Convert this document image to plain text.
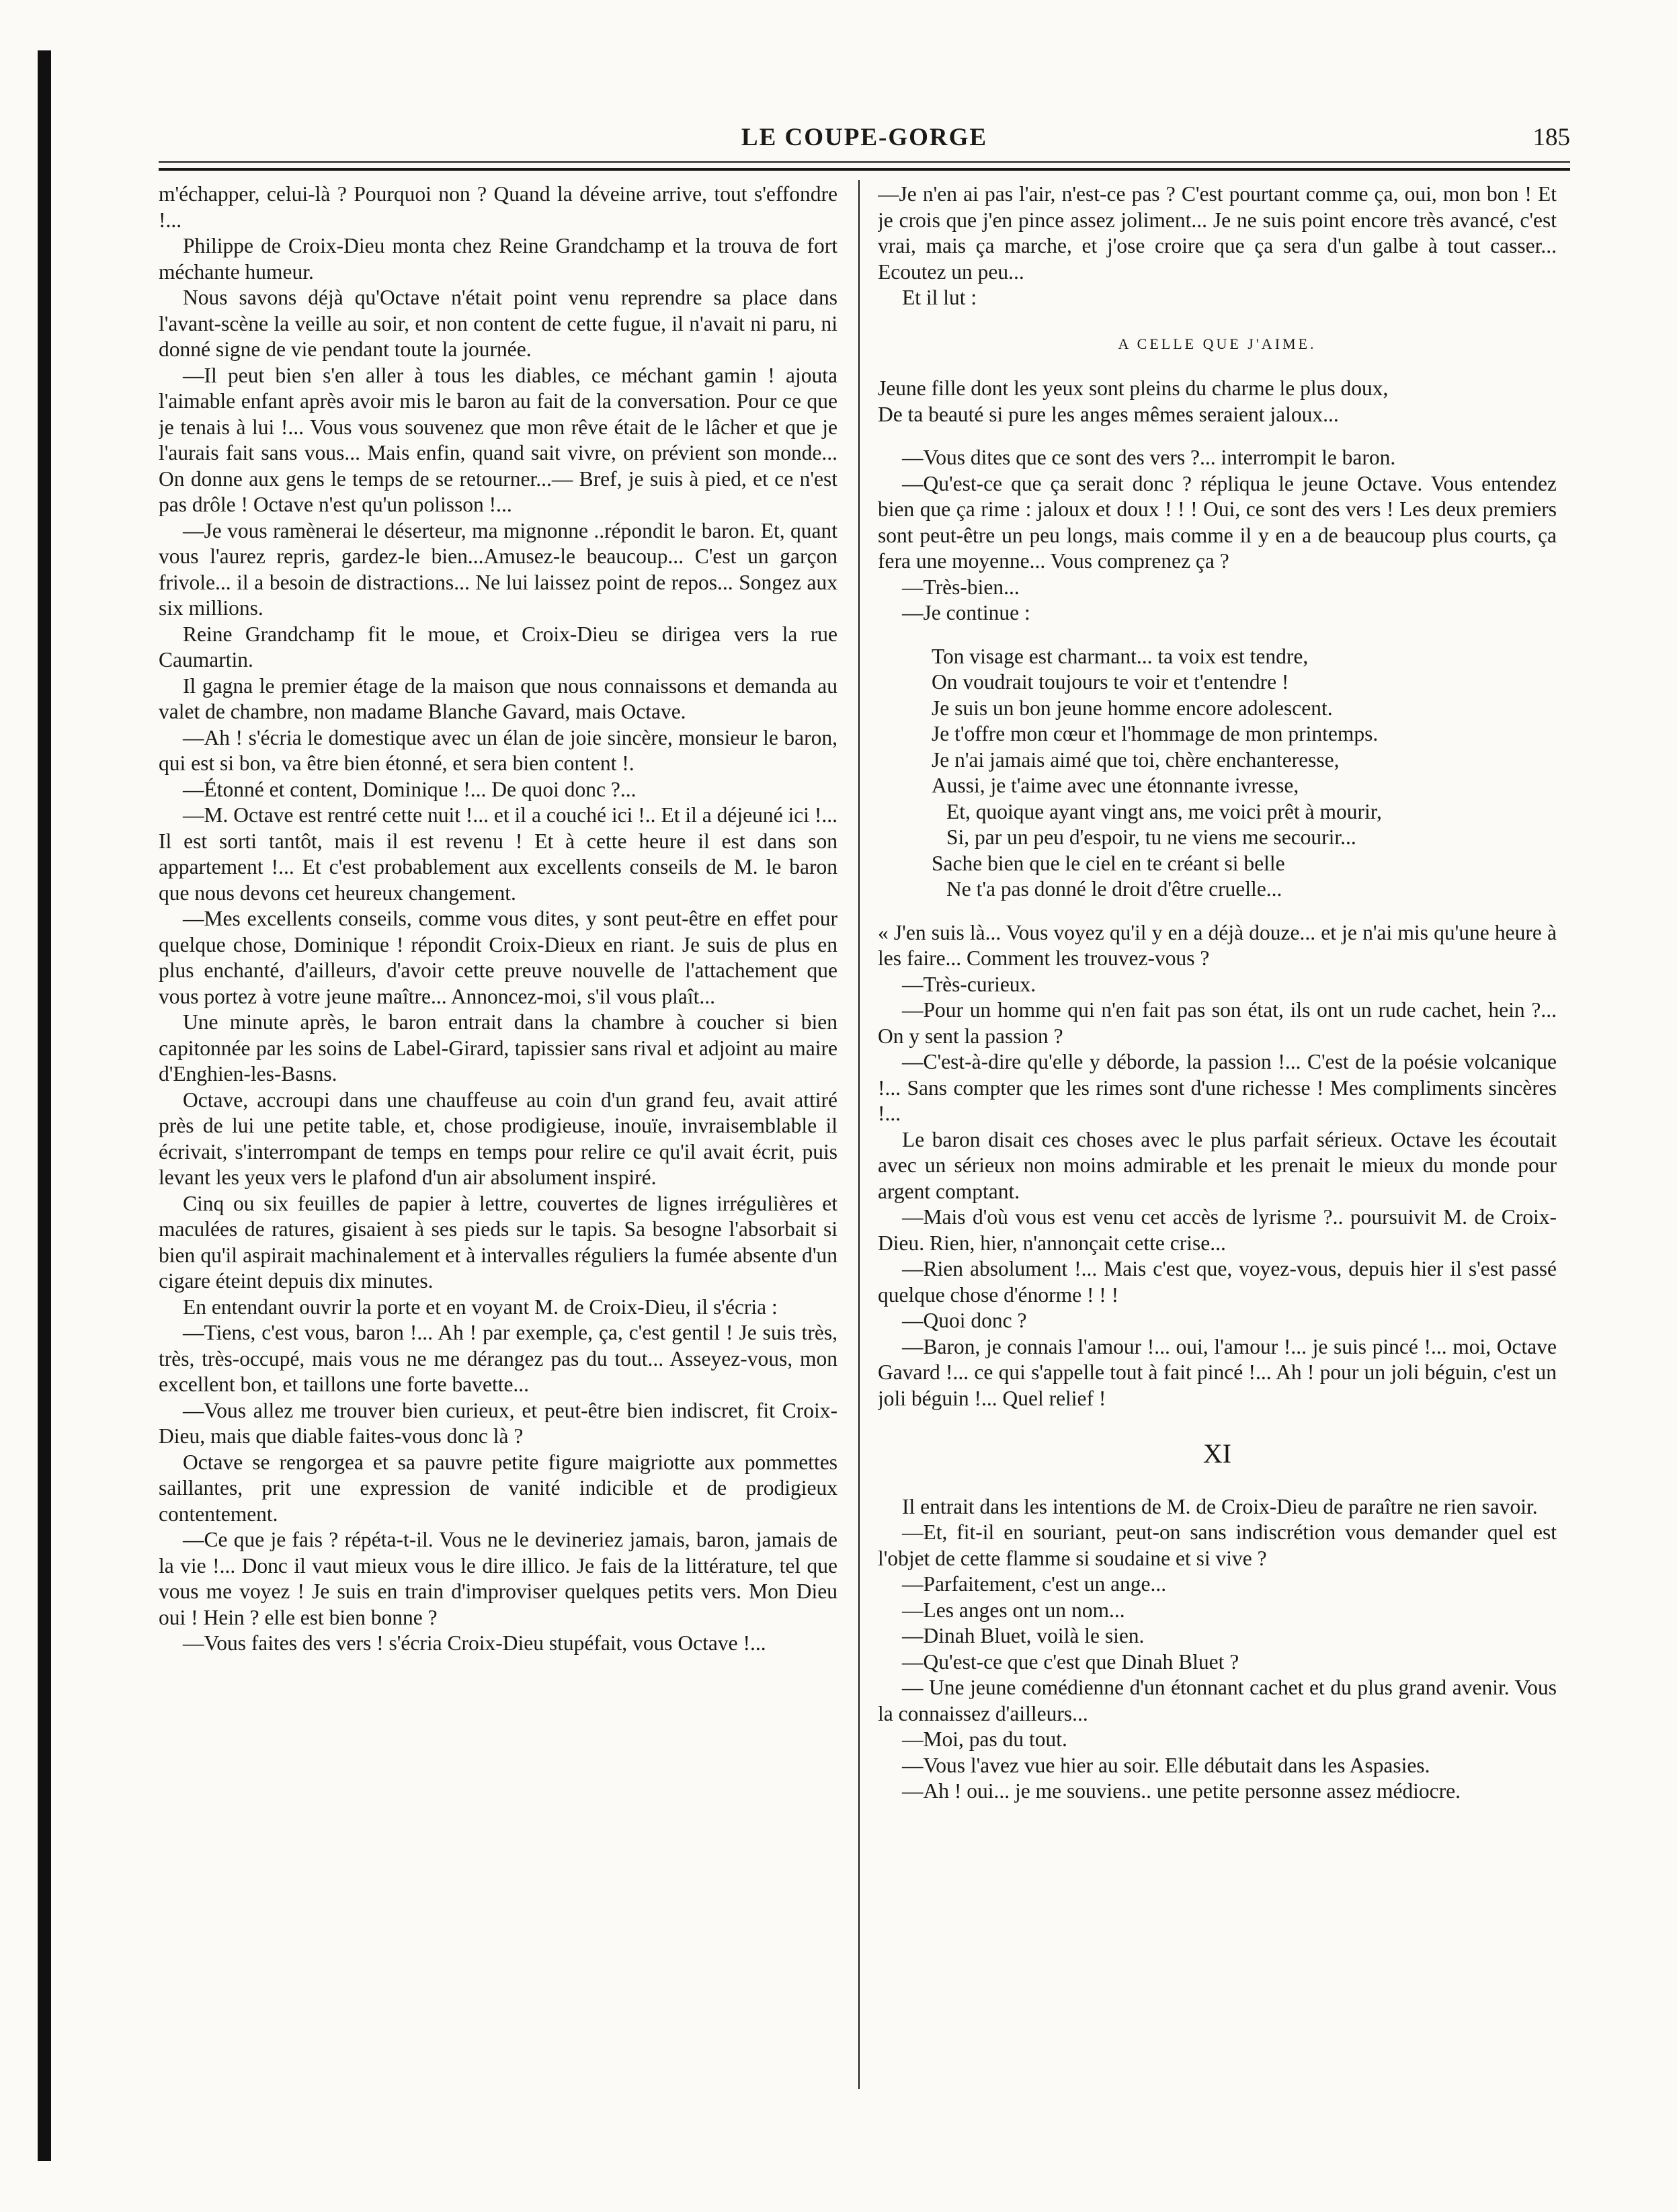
LE COUPE-GORGE	185

m'échapper, celui-là ? Pourquoi non ? Quand la déveine arrive, tout s'effondre !...

Philippe de Croix-Dieu monta chez Reine Grandchamp et la trouva de fort méchante humeur.

Nous savons déjà qu'Octave n'était point venu reprendre sa place dans l'avant-scène la veille au soir, et non content de cette fugue, il n'avait ni paru, ni donné signe de vie pendant toute la journée.

—Il peut bien s'en aller à tous les diables, ce méchant gamin ! ajouta l'aimable enfant après avoir mis le baron au fait de la conversation. Pour ce que je tenais à lui !... Vous vous souvenez que mon rêve était de le lâcher et que je l'aurais fait sans vous... Mais enfin, quand sait vivre, on prévient son monde... On donne aux gens le temps de se retourner...— Bref, je suis à pied, et ce n'est pas drôle ! Octave n'est qu'un polisson !...

—Je vous ramènerai le déserteur, ma mignonne ..répondit le baron. Et, quant vous l'aurez repris, gardez-le bien...Amusez-le beaucoup... C'est un garçon frivole... il a besoin de distractions... Ne lui laissez point de repos... Songez aux six millions.

Reine Grandchamp fit le moue, et Croix-Dieu se dirigea vers la rue Caumartin.

Il gagna le premier étage de la maison que nous connaissons et demanda au valet de chambre, non madame Blanche Gavard, mais Octave.

—Ah ! s'écria le domestique avec un élan de joie sincère, monsieur le baron, qui est si bon, va être bien étonné, et sera bien content !.

—Étonné et content, Dominique !... De quoi donc ?...

—M. Octave est rentré cette nuit !... et il a couché ici !.. Et il a déjeuné ici !... Il est sorti tantôt, mais il est revenu ! Et à cette heure il est dans son appartement !... Et c'est probablement aux excellents conseils de M. le baron que nous devons cet heureux changement.

—Mes excellents conseils, comme vous dites, y sont peut-être en effet pour quelque chose, Dominique ! répondit Croix-Dieux en riant. Je suis de plus en plus enchanté, d'ailleurs, d'avoir cette preuve nouvelle de l'attachement que vous portez à votre jeune maître... Annoncez-moi, s'il vous plaît...

Une minute après, le baron entrait dans la chambre à coucher si bien capitonnée par les soins de Label-Girard, tapissier sans rival et adjoint au maire d'Enghien-les-Basns.

Octave, accroupi dans une chauffeuse au coin d'un grand feu, avait attiré près de lui une petite table, et, chose prodigieuse, inouïe, invraisemblable il écrivait, s'interrompant de temps en temps pour relire ce qu'il avait écrit, puis levant les yeux vers le plafond d'un air absolument inspiré.

Cinq ou six feuilles de papier à lettre, couvertes de lignes irrégulières et maculées de ratures, gisaient à ses pieds sur le tapis. Sa besogne l'absorbait si bien qu'il aspirait machinalement et à intervalles réguliers la fumée absente d'un cigare éteint depuis dix minutes.

En entendant ouvrir la porte et en voyant M. de Croix-Dieu, il s'écria :

—Tiens, c'est vous, baron !... Ah ! par exemple, ça, c'est gentil ! Je suis très, très, très-occupé, mais vous ne me dérangez pas du tout... Asseyez-vous, mon excellent bon, et taillons une forte bavette...

—Vous allez me trouver bien curieux, et peut-être bien indiscret, fit Croix-Dieu, mais que diable faites-vous donc là ?

Octave se rengorgea et sa pauvre petite figure maigriotte aux pommettes saillantes, prit une expression de vanité indicible et de prodigieux contentement.

—Ce que je fais ? répéta-t-il. Vous ne le devineriez jamais, baron, jamais de la vie !... Donc il vaut mieux vous le dire illico. Je fais de la littérature, tel que vous me voyez ! Je suis en train d'improviser quelques petits vers. Mon Dieu oui ! Hein ? elle est bien bonne ?

—Vous faites des vers ! s'écria Croix-Dieu stupéfait, vous Octave !...

—Je n'en ai pas l'air, n'est-ce pas ? C'est pourtant comme ça, oui, mon bon ! Et je crois que j'en pince assez joliment... Je ne suis point encore très avancé, c'est vrai, mais ça marche, et j'ose croire que ça sera d'un galbe à tout casser... Ecoutez un peu...

Et il lut :

A CELLE QUE J'AIME.
Jeune fille dont les yeux sont pleins du charme le plus doux,
De ta beauté si pure les anges mêmes seraient jaloux...

—Vous dites que ce sont des vers ?... interrompit le baron.

—Qu'est-ce que ça serait donc ? répliqua le jeune Octave. Vous entendez bien que ça rime : jaloux et doux ! ! ! Oui, ce sont des vers ! Les deux premiers sont peut-être un peu longs, mais comme il y en a de beaucoup plus courts, ça fera une moyenne... Vous comprenez ça ?

—Très-bien...

—Je continue :

Ton visage est charmant... ta voix est tendre,
On voudrait toujours te voir et t'entendre !
Je suis un bon jeune homme encore adolescent.
Je t'offre mon cœur et l'hommage de mon printemps.
Je n'ai jamais aimé que toi, chère enchanteresse,
Aussi, je t'aime avec une étonnante ivresse,
Et, quoique ayant vingt ans, me voici prêt à mourir,
Si, par un peu d'espoir, tu ne viens me secourir...
Sache bien que le ciel en te créant si belle
Ne t'a pas donné le droit d'être cruelle...

« J'en suis là... Vous voyez qu'il y en a déjà douze... et je n'ai mis qu'une heure à les faire... Comment les trouvez-vous ?

—Très-curieux.

—Pour un homme qui n'en fait pas son état, ils ont un rude cachet, hein ?... On y sent la passion ?

—C'est-à-dire qu'elle y déborde, la passion !... C'est de la poésie volcanique !... Sans compter que les rimes sont d'une richesse ! Mes compliments sincères !...

Le baron disait ces choses avec le plus parfait sérieux. Octave les écoutait avec un sérieux non moins admirable et les prenait le mieux du monde pour argent comptant.

—Mais d'où vous est venu cet accès de lyrisme ?.. poursuivit M. de Croix-Dieu. Rien, hier, n'annonçait cette crise...

—Rien absolument !... Mais c'est que, voyez-vous, depuis hier il s'est passé quelque chose d'énorme ! ! !

—Quoi donc ?

—Baron, je connais l'amour !... oui, l'amour !... je suis pincé !... moi, Octave Gavard !... ce qui s'appelle tout à fait pincé !... Ah ! pour un joli béguin, c'est un joli béguin !... Quel relief !

XI

Il entrait dans les intentions de M. de Croix-Dieu de paraître ne rien savoir.

—Et, fit-il en souriant, peut-on sans indiscrétion vous demander quel est l'objet de cette flamme si soudaine et si vive ?

—Parfaitement, c'est un ange...

—Les anges ont un nom...

—Dinah Bluet, voilà le sien.

—Qu'est-ce que c'est que Dinah Bluet ?

— Une jeune comédienne d'un étonnant cachet et du plus grand avenir. Vous la connaissez d'ailleurs...

—Moi, pas du tout.

—Vous l'avez vue hier au soir. Elle débutait dans les Aspasies.

—Ah ! oui... je me souviens.. une petite personne assez médiocre.
